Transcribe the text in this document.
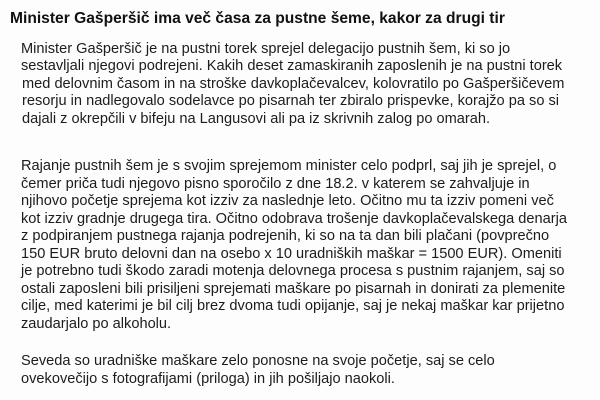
Minister Gašperšič ima več časa za pustne šeme, kakor za drugi tir

Minister Gašperšič je na pustni torek sprejel delegacijo pustnih šem, ki so jo

sestavljali njegovi podrejeni. Kakih deset zamaskiranih zaposlenih je na pustni torek

med delovnim časom in na stroške davkoplačevalcev, kolovratilo po Gašperšičevem

resorju in nadlegovalo sodelavce po pisarnah ter zbiralo prispevke, korajžo pa so si

dajali z okrepčili v bifeju na Langusovi ali pa iz skrivnih zalog po omarah.

Rajanje pustnih šem je s svojim sprejemom minister celo podprl, saj jih je sprejel, o

čemer priča tudi njegovo pisno sporočilo z dne 18.2. v katerem se zahvaljuje in

njihovo početje sprejema kot izziv za naslednje leto. Očitno mu ta izziv pomeni več

kot izziv gradnje drugega tira. Očitno odobrava trošenje davkoplačevalskega denarja

z podpiranjem pustnega rajanja podrejenih, ki so na ta dan bili plačani (povprečno

150 EUR bruto delovni dan na osebo x 10 uradniških maškar = 1500 EUR). Omeniti

je potrebno tudi škodo zaradi motenja delovnega procesa s pustnim rajanjem, saj so

ostali zaposleni bili prisiljeni sprejemati maškare po pisarnah in donirati za plemenite

cilje, med katerimi je bil cilj brez dvoma tudi opijanje, saj je nekaj maškar kar prijetno

zaudarjalo po alkoholu.

Seveda so uradniške maškare zelo ponosne na svoje početje, saj se celo

ovekovečijo s fotografijami (priloga) in jih pošiljajo naokoli.
